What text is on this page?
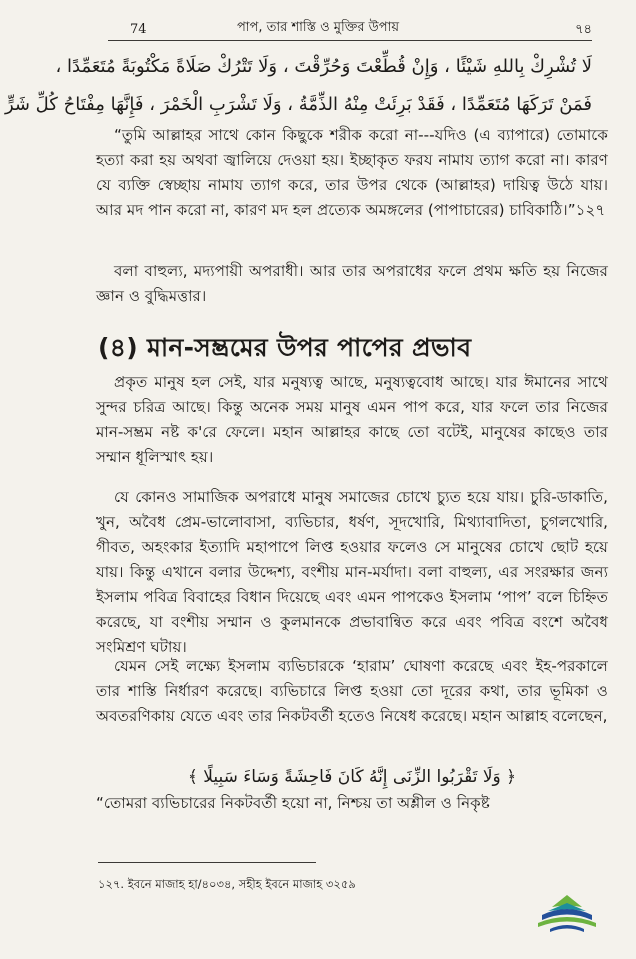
74	পাপ, তার শাস্তি ও মুক্তির উপায়	৭৪
لَا تُشْرِكْ بِاللهِ شَيْئًا ، وَإِنْ قُطِّعْتَ وَحُرِّقْتَ ، وَلَا تَتْرُكْ صَلَاةً مَكْتُوبَةً مُتَعَمِّدًا ،
فَمَنْ تَرَكَهَا مُتَعَمِّدًا ، فَقَدْ بَرِئَتْ مِنْهُ الذِّمَّةُ ، وَلَا تَشْرَبِ الْخَمْرَ ، فَإِنَّهَا مِفْتَاحُ كُلِّ شَرٍّ
“তুমি আল্লাহর সাথে কোন কিছুকে শরীক করো না---যদিও (এ ব্যাপারে) তোমাকে হত্যা করা হয় অথবা জ্বালিয়ে দেওয়া হয়। ইচ্ছাকৃত ফরয নামায ত্যাগ করো না। কারণ যে ব্যক্তি স্বেচ্ছায় নামায ত্যাগ করে, তার উপর থেকে (আল্লাহর) দায়িত্ব উঠে যায়। আর মদ পান করো না, কারণ মদ হল প্রত্যেক অমঙ্গলের (পাপাচারের) চাবিকাঠি।”১২৭
বলা বাহুল্য, মদ্যপায়ী অপরাধী। আর তার অপরাধের ফলে প্রথম ক্ষতি হয় নিজের জ্ঞান ও বুদ্ধিমত্তার।
(৪) মান-সম্ভ্রমের উপর পাপের প্রভাব
প্রকৃত মানুষ হল সেই, যার মনুষ্যত্ব আছে, মনুষ্যত্ববোধ আছে। যার ঈমানের সাথে সুন্দর চরিত্র আছে। কিন্তু অনেক সময় মানুষ এমন পাপ করে, যার ফলে তার নিজের মান-সম্ভ্রম নষ্ট ক'রে ফেলে। মহান আল্লাহর কাছে তো বটেই, মানুষের কাছেও তার সম্মান ধূলিস্মাৎ হয়।
যে কোনও সামাজিক অপরাধে মানুষ সমাজের চোখে চ্যুত হয়ে যায়। চুরি-ডাকাতি, খুন, অবৈধ প্রেম-ভালোবাসা, ব্যভিচার, ধর্ষণ, সূদখোরি, মিথ্যাবাদিতা, চুগলখোরি, গীবত, অহংকার ইত্যাদি মহাপাপে লিপ্ত হওয়ার ফলেও সে মানুষের চোখে ছোট হয়ে যায়। কিন্তু এখানে বলার উদ্দেশ্য, বংশীয় মান-মর্যাদা। বলা বাহুল্য, এর সংরক্ষার জন্য ইসলাম পবিত্র বিবাহের বিধান দিয়েছে এবং এমন পাপকেও ইসলাম ‘পাপ’ বলে চিহ্নিত করেছে, যা বংশীয় সম্মান ও কুলমানকে প্রভাবান্বিত করে এবং পবিত্র বংশে অবৈধ সংমিশ্রণ ঘটায়।
যেমন সেই লক্ষ্যে ইসলাম ব্যভিচারকে ‘হারাম’ ঘোষণা করেছে এবং ইহ-পরকালে তার শাস্তি নির্ধারণ করেছে। ব্যভিচারে লিপ্ত হওয়া তো দূরের কথা, তার ভূমিকা ও অবতরণিকায় যেতে এবং তার নিকটবর্তী হতেও নিষেধ করেছে। মহান আল্লাহ বলেছেন,
﴿ وَلَا تَقْرَبُوا الزِّنَى إِنَّهُ كَانَ فَاحِشَةً وَسَاءَ سَبِيلًا ﴾
“তোমরা ব্যভিচারের নিকটবর্তী হয়ো না, নিশ্চয় তা অশ্লীল ও নিকৃষ্ট
১২৭. ইবনে মাজাহ হা/৪০৩৪, সহীহ ইবনে মাজাহ ৩২৫৯
